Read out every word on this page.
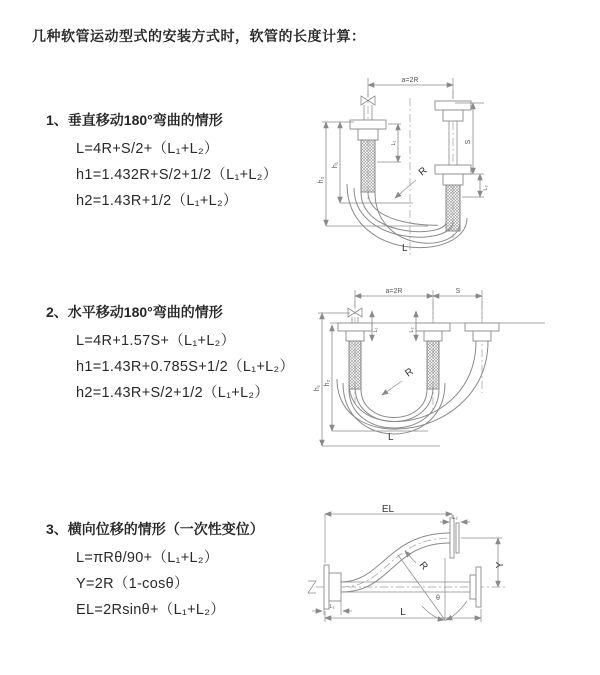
几种软管运动型式的安装方式时，软管的长度计算：
1、垂直移动180°弯曲的情形
L=4R+S/2+（L₁+L₂）
h1=1.432R+S/2+1/2（L₁+L₂）
h2=1.43R+1/2（L₁+L₂）
2、水平移动180°弯曲的情形
L=4R+1.57S+（L₁+L₂）
h1=1.43R+0.785S+1/2（L₁+L₂）
h2=1.43R+S/2+1/2（L₁+L₂）
3、横向位移的情形（一次性变位）
L=πRθ/90+（L₁+L₂）
Y=2R（1-cosθ）
EL=2Rsinθ+（L₁+L₂）
a=2R
h₁
h₂
L₁	S
L₂
R
L
a=2R	S
h₁
h₂
L₁	L₂
R
L
EL
L₂
Y
θ
R
L₁	L
